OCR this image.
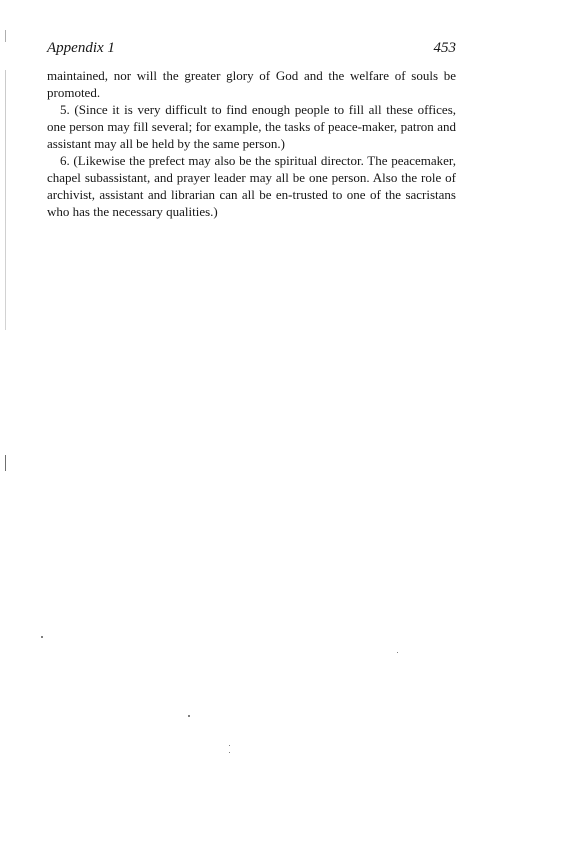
Appendix 1	453

maintained, nor will the greater glory of God and the welfare of souls be promoted.

5. (Since it is very difficult to find enough people to fill all these offices, one person may fill several; for example, the tasks of peace-maker, patron and assistant may all be held by the same person.)

6. (Likewise the prefect may also be the spiritual director. The peacemaker, chapel subassistant, and prayer leader may all be one person. Also the role of archivist, assistant and librarian can all be en-trusted to one of the sacristans who has the necessary qualities.)
